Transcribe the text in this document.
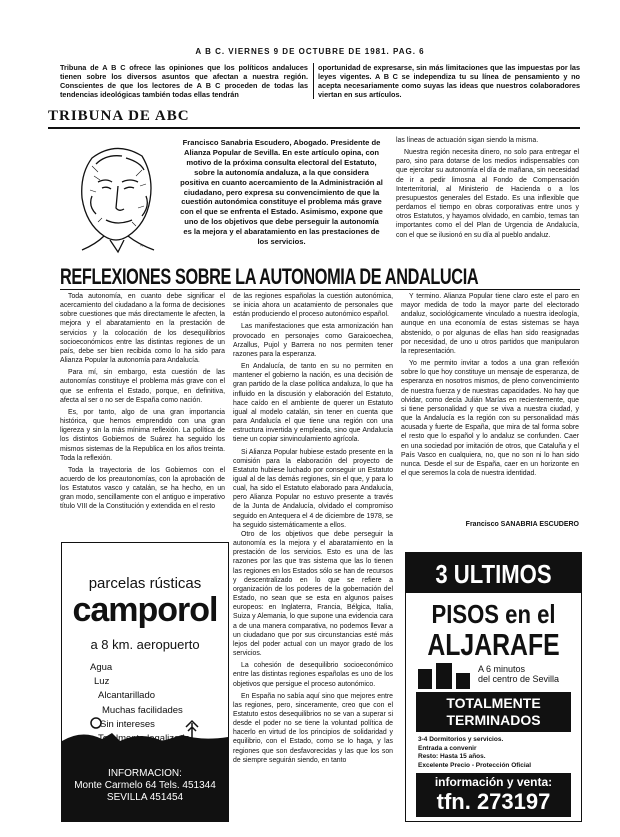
A B C. VIERNES 9 DE OCTUBRE DE 1981. PAG. 6
Tribuna de A B C ofrece las opiniones que los políticos andaluces tienen sobre los diversos asuntos que afectan a nuestra región. Conscientes de que los lectores de A B C proceden de todas las tendencias ideológicas también todas ellas tendrán
oportunidad de expresarse, sin más limitaciones que las impuestas por las leyes vigentes. A B C se independiza tu su línea de pensamiento y no acepta necesariamente como suyas las ideas que nuestros colaboradores viertan en sus artículos.
TRIBUNA DE ABC
~
Francisco Sanabria Escudero, Abogado. Presidente de Alianza Popular de Sevilla. En este artículo opina, con motivo de la próxima consulta electoral del Estatuto, sobre la autonomía andaluza, a la que considera positiva en cuanto acercamiento de la Administración al ciudadano, pero expresa su convencimiento de que la cuestión autonómica constituye el problema más grave con el que se enfrenta el Estado. Asimismo, expone que uno de los objetivos que debe perseguir la autonomía es la mejora y el abaratamiento en las prestaciones de los servicios.

las líneas de actuación sigan siendo la misma.

Nuestra región necesita dinero, no solo para entregar el paro, sino para dotarse de los medios indispensables con que ejercitar su autonomía el día de mañana, sin necesidad de ir a pedir limosna al Fondo de Compensación Interterritorial, al Ministerio de Hacienda o a los presupuestos generales del Estado. Es una inflexible que perdamos el tiempo en obras corporativas entre unos y otros Estatutos, y hayamos olvidado, en cambio, temas tan importantes como el del Plan de Urgencia de Andalucía, con el que se ilusionó en su día al pueblo andaluz.

REFLEXIONES SOBRE LA AUTONOMIA DE ANDALUCIA

Toda autonomía, en cuanto debe significar el acercamiento del ciudadano a la forma de decisiones sobre cuestiones que más directamente le afecten, la mejora y el abaratamiento en la prestación de servicios y la colocación de los desequilibrios socioeconómicos entre las distintas regiones de un país, debe ser bien recibida como lo ha sido para Alianza Popular la autonomía para Andalucía.

Para mí, sin embargo, esta cuestión de las autonomías constituye el problema más grave con el que se enfrenta el Estado, porque, en definitiva, afecta al ser o no ser de España como nación.

Es, por tanto, algo de una gran importancia histórica, que hemos emprendido con una gran ligereza y sin la más mínima reflexión. La política de los distintos Gobiernos de Suárez ha seguido los mismos sistemas de la Republica en los años treinta. Toda la reflexión.

Toda la trayectoria de los Gobiernos con el acuerdo de los preautonomías, con la aprobación de los Estatutos vasco y catalán, se ha hecho, en un gran modo, sencillamente con el antiguo e imperativo título VIII de la Constitución y extendida en el resto

de las regiones españolas la cuestión autonómica, se inicia ahora un acatamiento de personales que están produciendo el proceso autonómico español.

Las manifestaciones que esta armonización han provocado en personajes como Garaicoechea, Arzallus, Pujol y Barrera no nos permiten tener razones para la esperanza.

En Andalucía, de tanto en su no permiten en mantener el gobierno la nación, es una decisión de gran partido de la clase política andaluza, lo que ha influido en la discusión y elaboración del Estatuto, hace caído en el ambiente de querer un Estatuto igual al modelo catalán, sin tener en cuenta que para Andalucía el que tiene una región con una estructura invertida y empleada, sino que Andalucía tiene un copiar sinvinculamiento agrícola.

Si Alianza Popular hubiese estado presente en la comisión para la elaboración del proyecto de Estatuto hubiese luchado por conseguir un Estatuto igual al de las demás regiones, sin el que, y para lo cual, ha sido el Estatuto elaborado para Andalucía, pero Alianza Popular no estuvo presente a través de la Junta de Andalucía, olvidado el compromiso seguido en Antequera el 4 de diciembre de 1978, se ha seguido sistemáticamente a ellos.

Y termino. Alianza Popular tiene claro este el paro en mayor medida de todo la mayor parte del electorado andaluz, sociológicamente vinculado a nuestra ideología, aunque en una economía de estas sistemas se haya abstenido, o por algunas de ellas han sido reasignadas por necesidad, de uno u otros partidos que manipularon la representación.

Yo me permito invitar a todos a una gran reflexión sobre lo que hoy constituye un mensaje de esperanza, de esperanza en nosotros mismos, de pleno convencimiento de nuestra fuerza y de nuestras capacidades. No hay que olvidar, como decía Julián Marías en recientemente, que si tiene personalidad y que se viva a nuestra ciudad, y que la Andalucía es la región con su personalidad más acusada y fuerte de España, que mira de tal forma sobre el resto que lo español y lo andaluz se confunden. Caer en una sociedad por imitación de otros, que Cataluña y el País Vasco en cualquiera, no, que no son ni lo han sido nunca. Desde el sur de España, caer en un horizonte en el que seremos la cola de nuestra identidad.

Francisco SANABRIA ESCUDERO

Otro de los objetivos que debe perseguir la autonomía es la mejora y el abaratamiento en la prestación de los servicios. Esto es una de las razones por las que tras sistema que las lo tienen las regiones en los Estados sólo se han de recursos y descentralizado en lo que se refiere a organización de los poderes de la gobernación del Estado, no sean que se esta en algunos países europeos: en Inglaterra, Francia, Bélgica, Italia, Suiza y Alemania, lo que supone una evidencia cara a de una manera comparativa, no podemos llevar a un ciudadano que por sus circunstancias esté más lejos del poder actual con un mayor grado de los servicios.

La cohesión de desequilibrio socioeconómico entre las distintas regiones españolas es uno de los objetivos que persigue el proceso autonómico.

En España no sabía aquí sino que mejores entre las regiones, pero, sinceramente, creo que con el Estatuto estos desequilibrios no se van a superar si desde el poder no se tiene la voluntad política de hacerlo en virtud de los principios de solidaridad y equilibrio, con el Estado, como se lo haga, y las regiones que son desfavorecidas y las que los son de siempre seguirán siendo, en tanto

parcelas rústicas
camporol
a 8 km. aeropuerto
Agua
Luz
Alcantarillado
Muchas facilidades
Sin intereses
INFORMACION:
Monte Carmelo 64 Tels. 451344
SEVILLA 451454
3 ULTIMOS
PISOS en el
ALJARAFE
A 6 minutos
del centro de Sevilla
TOTALMENTE
TERMINADOS
3-4 Dormitorios y servicios.
Entrada a convenir
Resto: Hasta 15 años.
Excelente Precio - Protección Oficial
información y venta:
tfn. 273197
